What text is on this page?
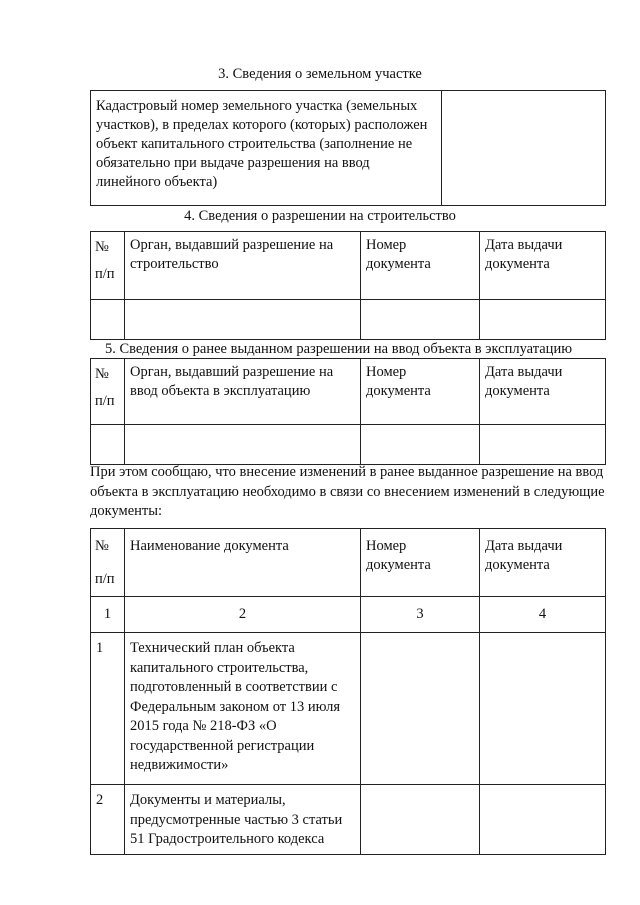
3. Сведения о земельном участке
Кадастровый номер земельного участка (земельных участков), в пределах которого (которых) расположен объект капитального строительства (заполнение не обязательно при выдаче разрешения на ввод линейного объекта)	
4. Сведения о разрешении на строительство
№
п/п	Орган, выдавший разрешение на строительство	Номер документа	Дата выдачи документа

5. Сведения о ранее выданном разрешении на ввод объекта в эксплуатацию
№
п/п	Орган, выдавший разрешение на ввод объекта в эксплуатацию	Номер документа	Дата выдачи документа

При этом сообщаю, что внесение изменений в ранее выданное разрешение на ввод объекта в эксплуатацию необходимо в связи со внесением изменений в следующие документы:
№
п/п	Наименование документа	Номер документа	Дата выдачи документа
1	2	3	4
1	Технический план объекта капитального строительства, подготовленный в соответствии с Федеральным законом от 13 июля 2015 года № 218-ФЗ «О государственной регистрации недвижимости»		
2	Документы и материалы, предусмотренные частью 3 статьи 51 Градостроительного кодекса		
